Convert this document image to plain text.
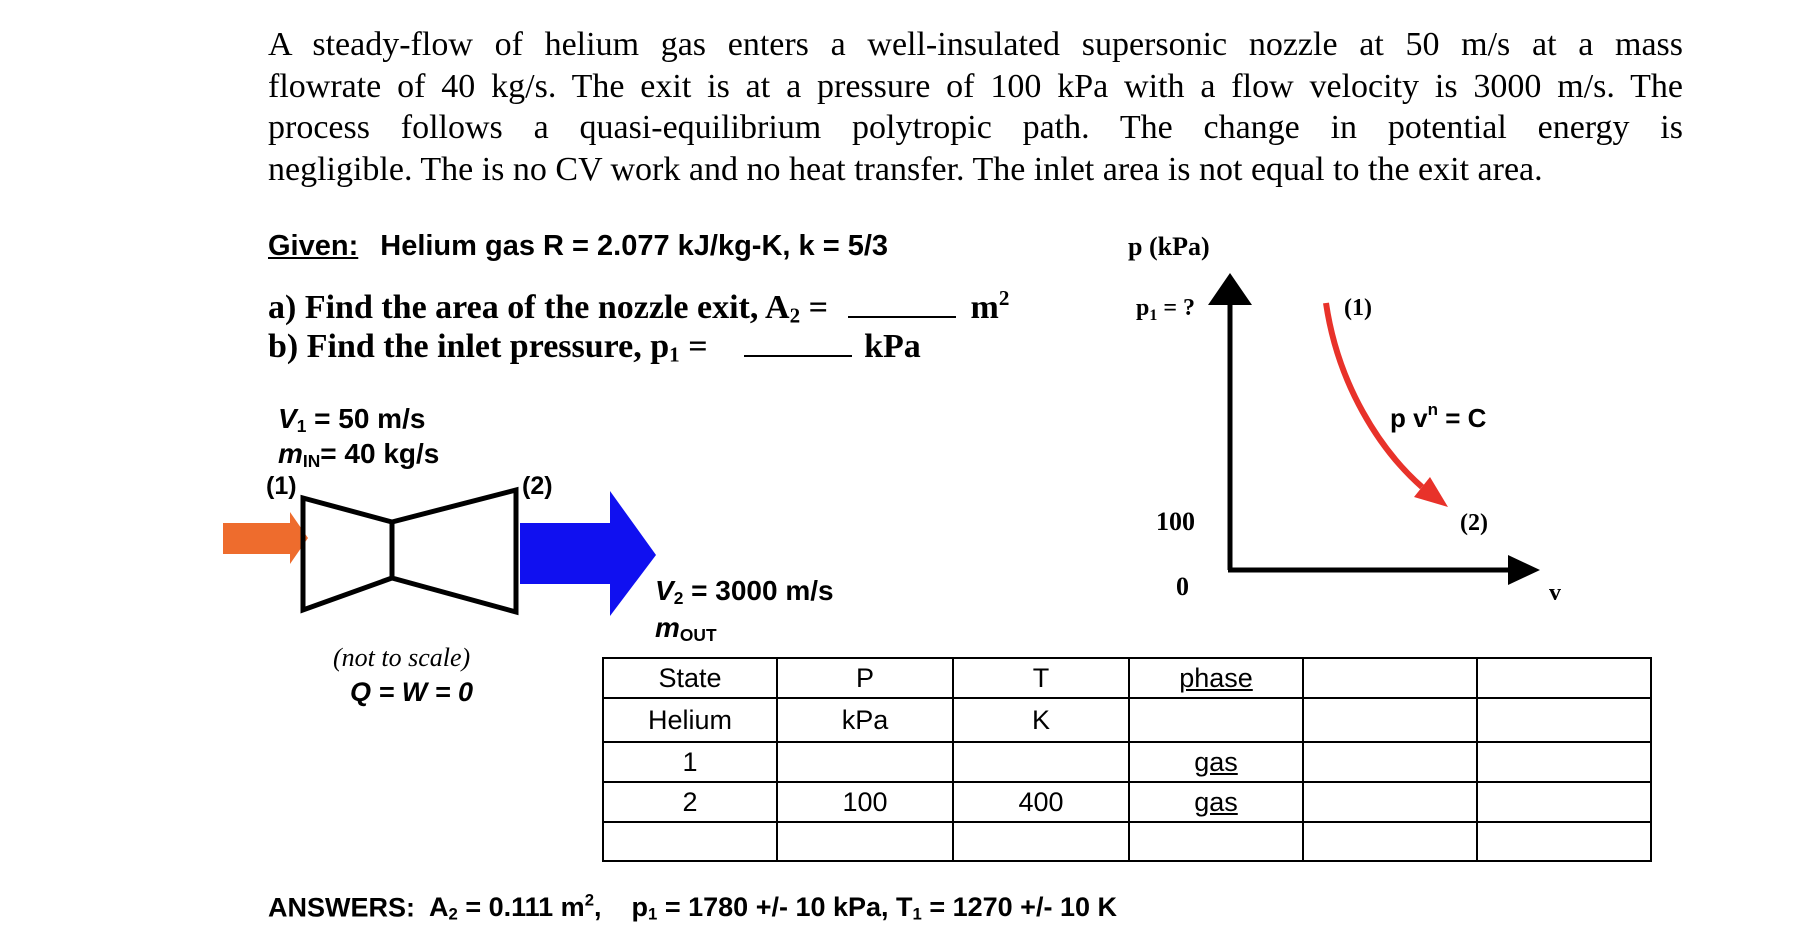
A steady-flow of helium gas enters a well-insulated supersonic nozzle at 50 m/s at a mass
flowrate of 40 kg/s. The exit is at a pressure of 100 kPa with a flow velocity is 3000 m/s. The
process follows a quasi-equilibrium polytropic path. The change in potential energy is
negligible. The is no CV work and no heat transfer. The inlet area is not equal to the exit area.
Given: Helium gas R = 2.077 kJ/kg-K, k = 5/3
a) Find the area of the nozzle exit, $A_2$ =	$m^2$
b) Find the inlet pressure, $p_1$ =	kPa
$V_1 = 50$ m/s
$m_{IN}= 40$ kg/s
$V_2 = 3000$ m/s
$m_{OUT}$
(not to scale)
Q = W = 0
(1)	(2)
p (kPa)
$p_1$ = ?
100
0	v
(1)
(2)
p $v^n = C$
State	P	T	phase		
Helium	kPa	K			
1			gas		
2	100	400	gas		

ANSWERS: $A_2 = 0.111$ $m^2$, $p_1 = 1780$ +/- 10 kPa, $T_1 = 1270$ +/- 10 K
